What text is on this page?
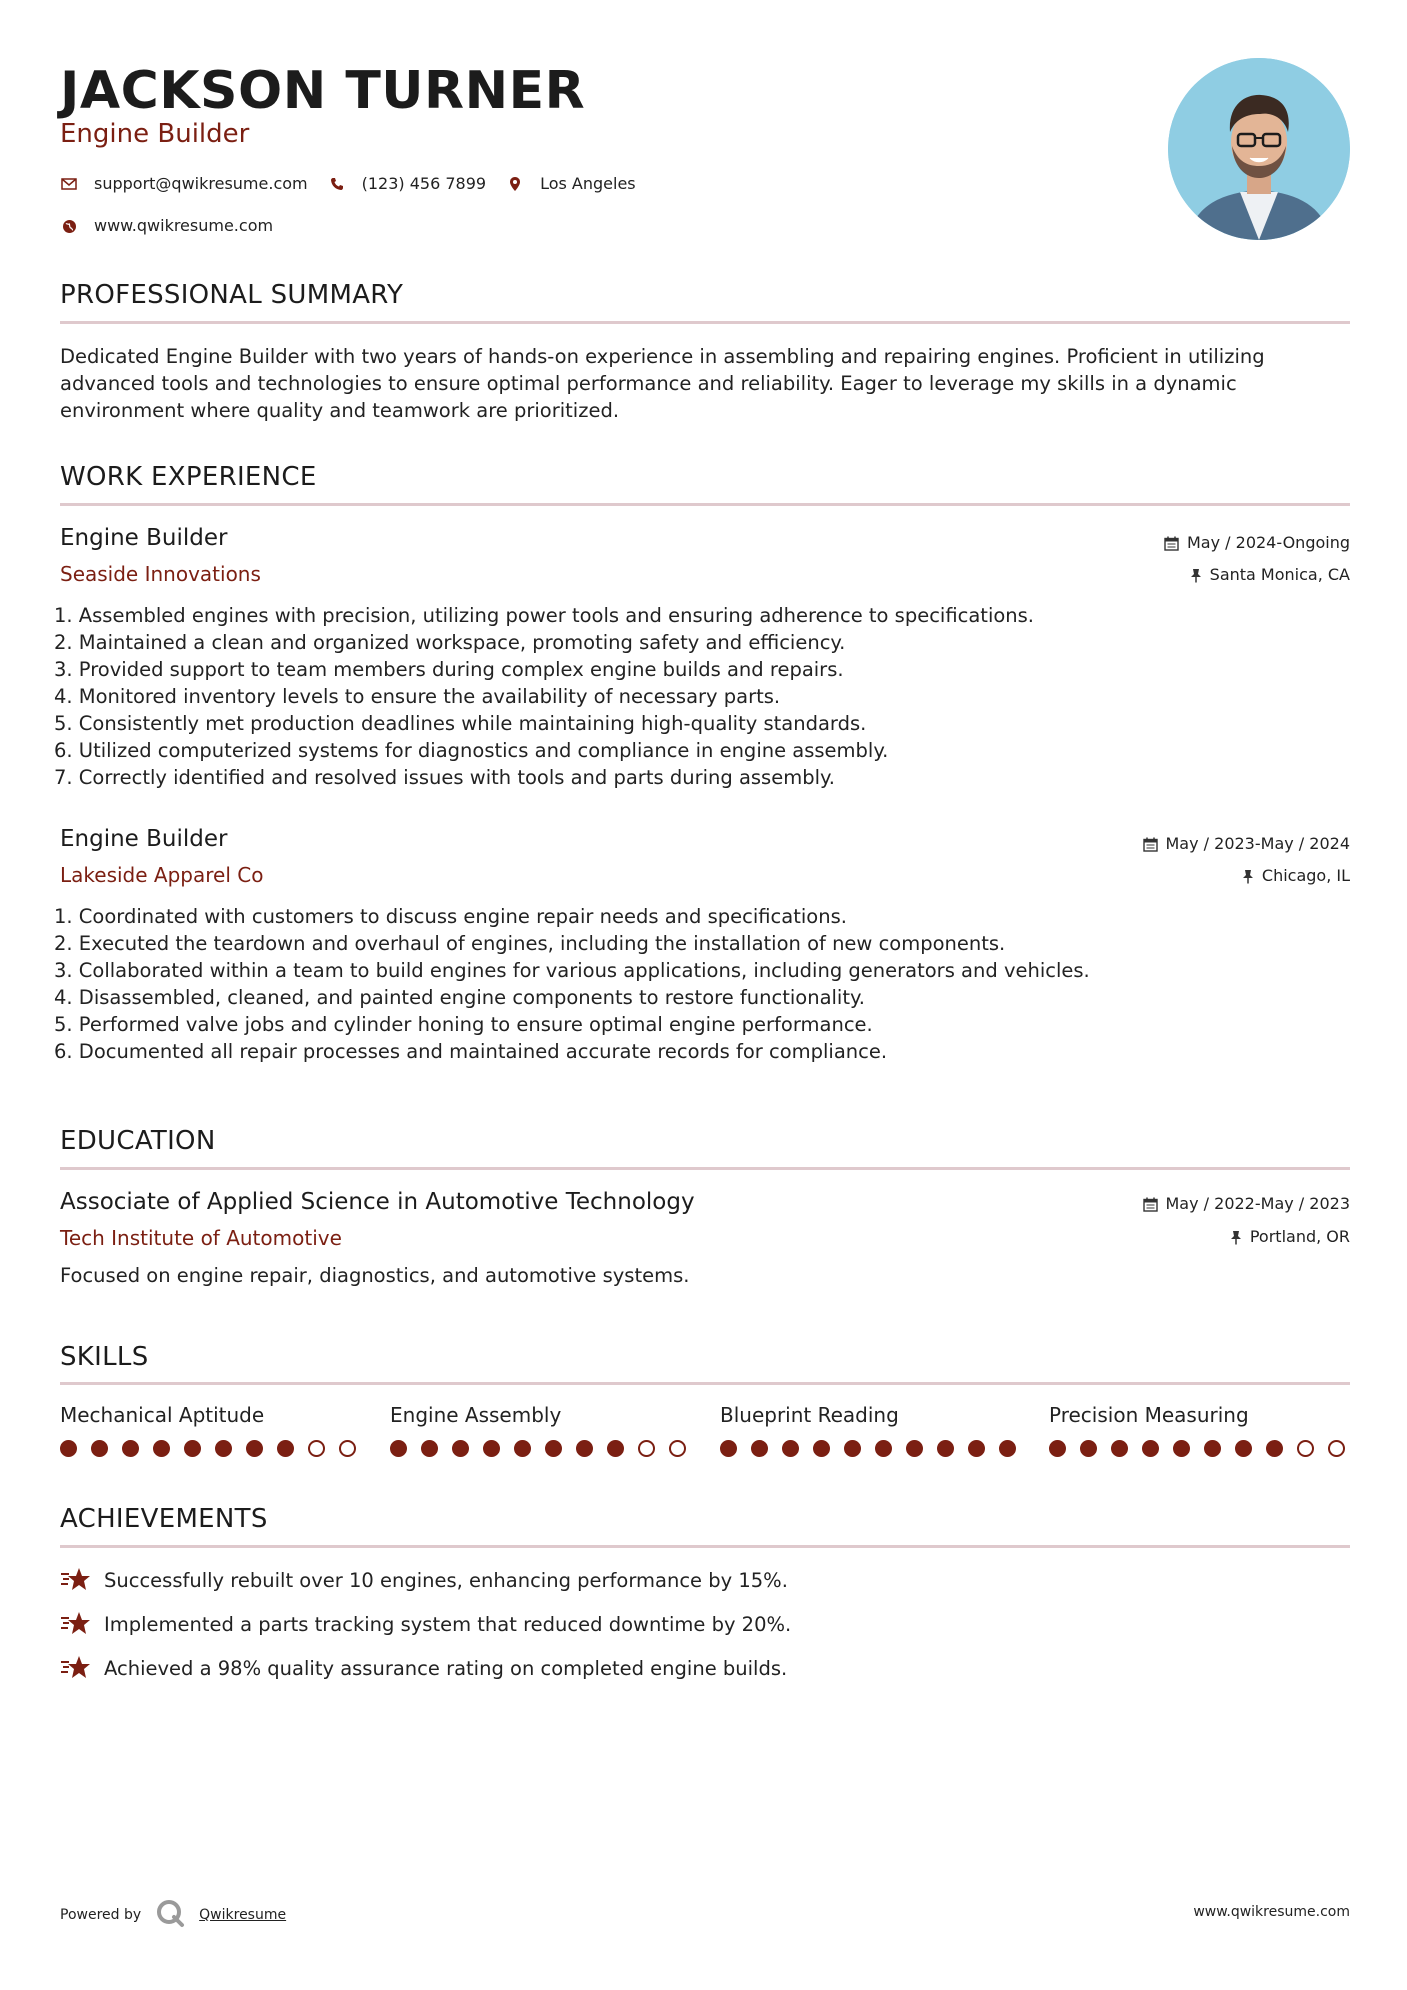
JACKSON TURNER
Engine Builder
support@qwikresume.com	(123) 456 7899	Los Angeles
www.qwikresume.com
PROFESSIONAL SUMMARY
Dedicated Engine Builder with two years of hands-on experience in assembling and repairing engines. Proficient in utilizing advanced tools and technologies to ensure optimal performance and reliability. Eager to leverage my skills in a dynamic environment where quality and teamwork are prioritized.
WORK EXPERIENCE
Engine Builder
Seaside Innovations
May / 2024-Ongoing
Santa Monica, CA
1. Assembled engines with precision, utilizing power tools and ensuring adherence to specifications.
2. Maintained a clean and organized workspace, promoting safety and efficiency.
3. Provided support to team members during complex engine builds and repairs.
4. Monitored inventory levels to ensure the availability of necessary parts.
5. Consistently met production deadlines while maintaining high-quality standards.
6. Utilized computerized systems for diagnostics and compliance in engine assembly.
7. Correctly identified and resolved issues with tools and parts during assembly.
Engine Builder
Lakeside Apparel Co
May / 2023-May / 2024
Chicago, IL
1. Coordinated with customers to discuss engine repair needs and specifications.
2. Executed the teardown and overhaul of engines, including the installation of new components.
3. Collaborated within a team to build engines for various applications, including generators and vehicles.
4. Disassembled, cleaned, and painted engine components to restore functionality.
5. Performed valve jobs and cylinder honing to ensure optimal engine performance.
6. Documented all repair processes and maintained accurate records for compliance.
EDUCATION
Associate of Applied Science in Automotive Technology
Tech Institute of Automotive
May / 2022-May / 2023
Portland, OR
Focused on engine repair, diagnostics, and automotive systems.
SKILLS
Mechanical Aptitude	Engine Assembly	Blueprint Reading	Precision Measuring
ACHIEVEMENTS
Successfully rebuilt over 10 engines, enhancing performance by 15%.
Implemented a parts tracking system that reduced downtime by 20%.
Achieved a 98% quality assurance rating on completed engine builds.
Powered by	Qwikresume	www.qwikresume.com
